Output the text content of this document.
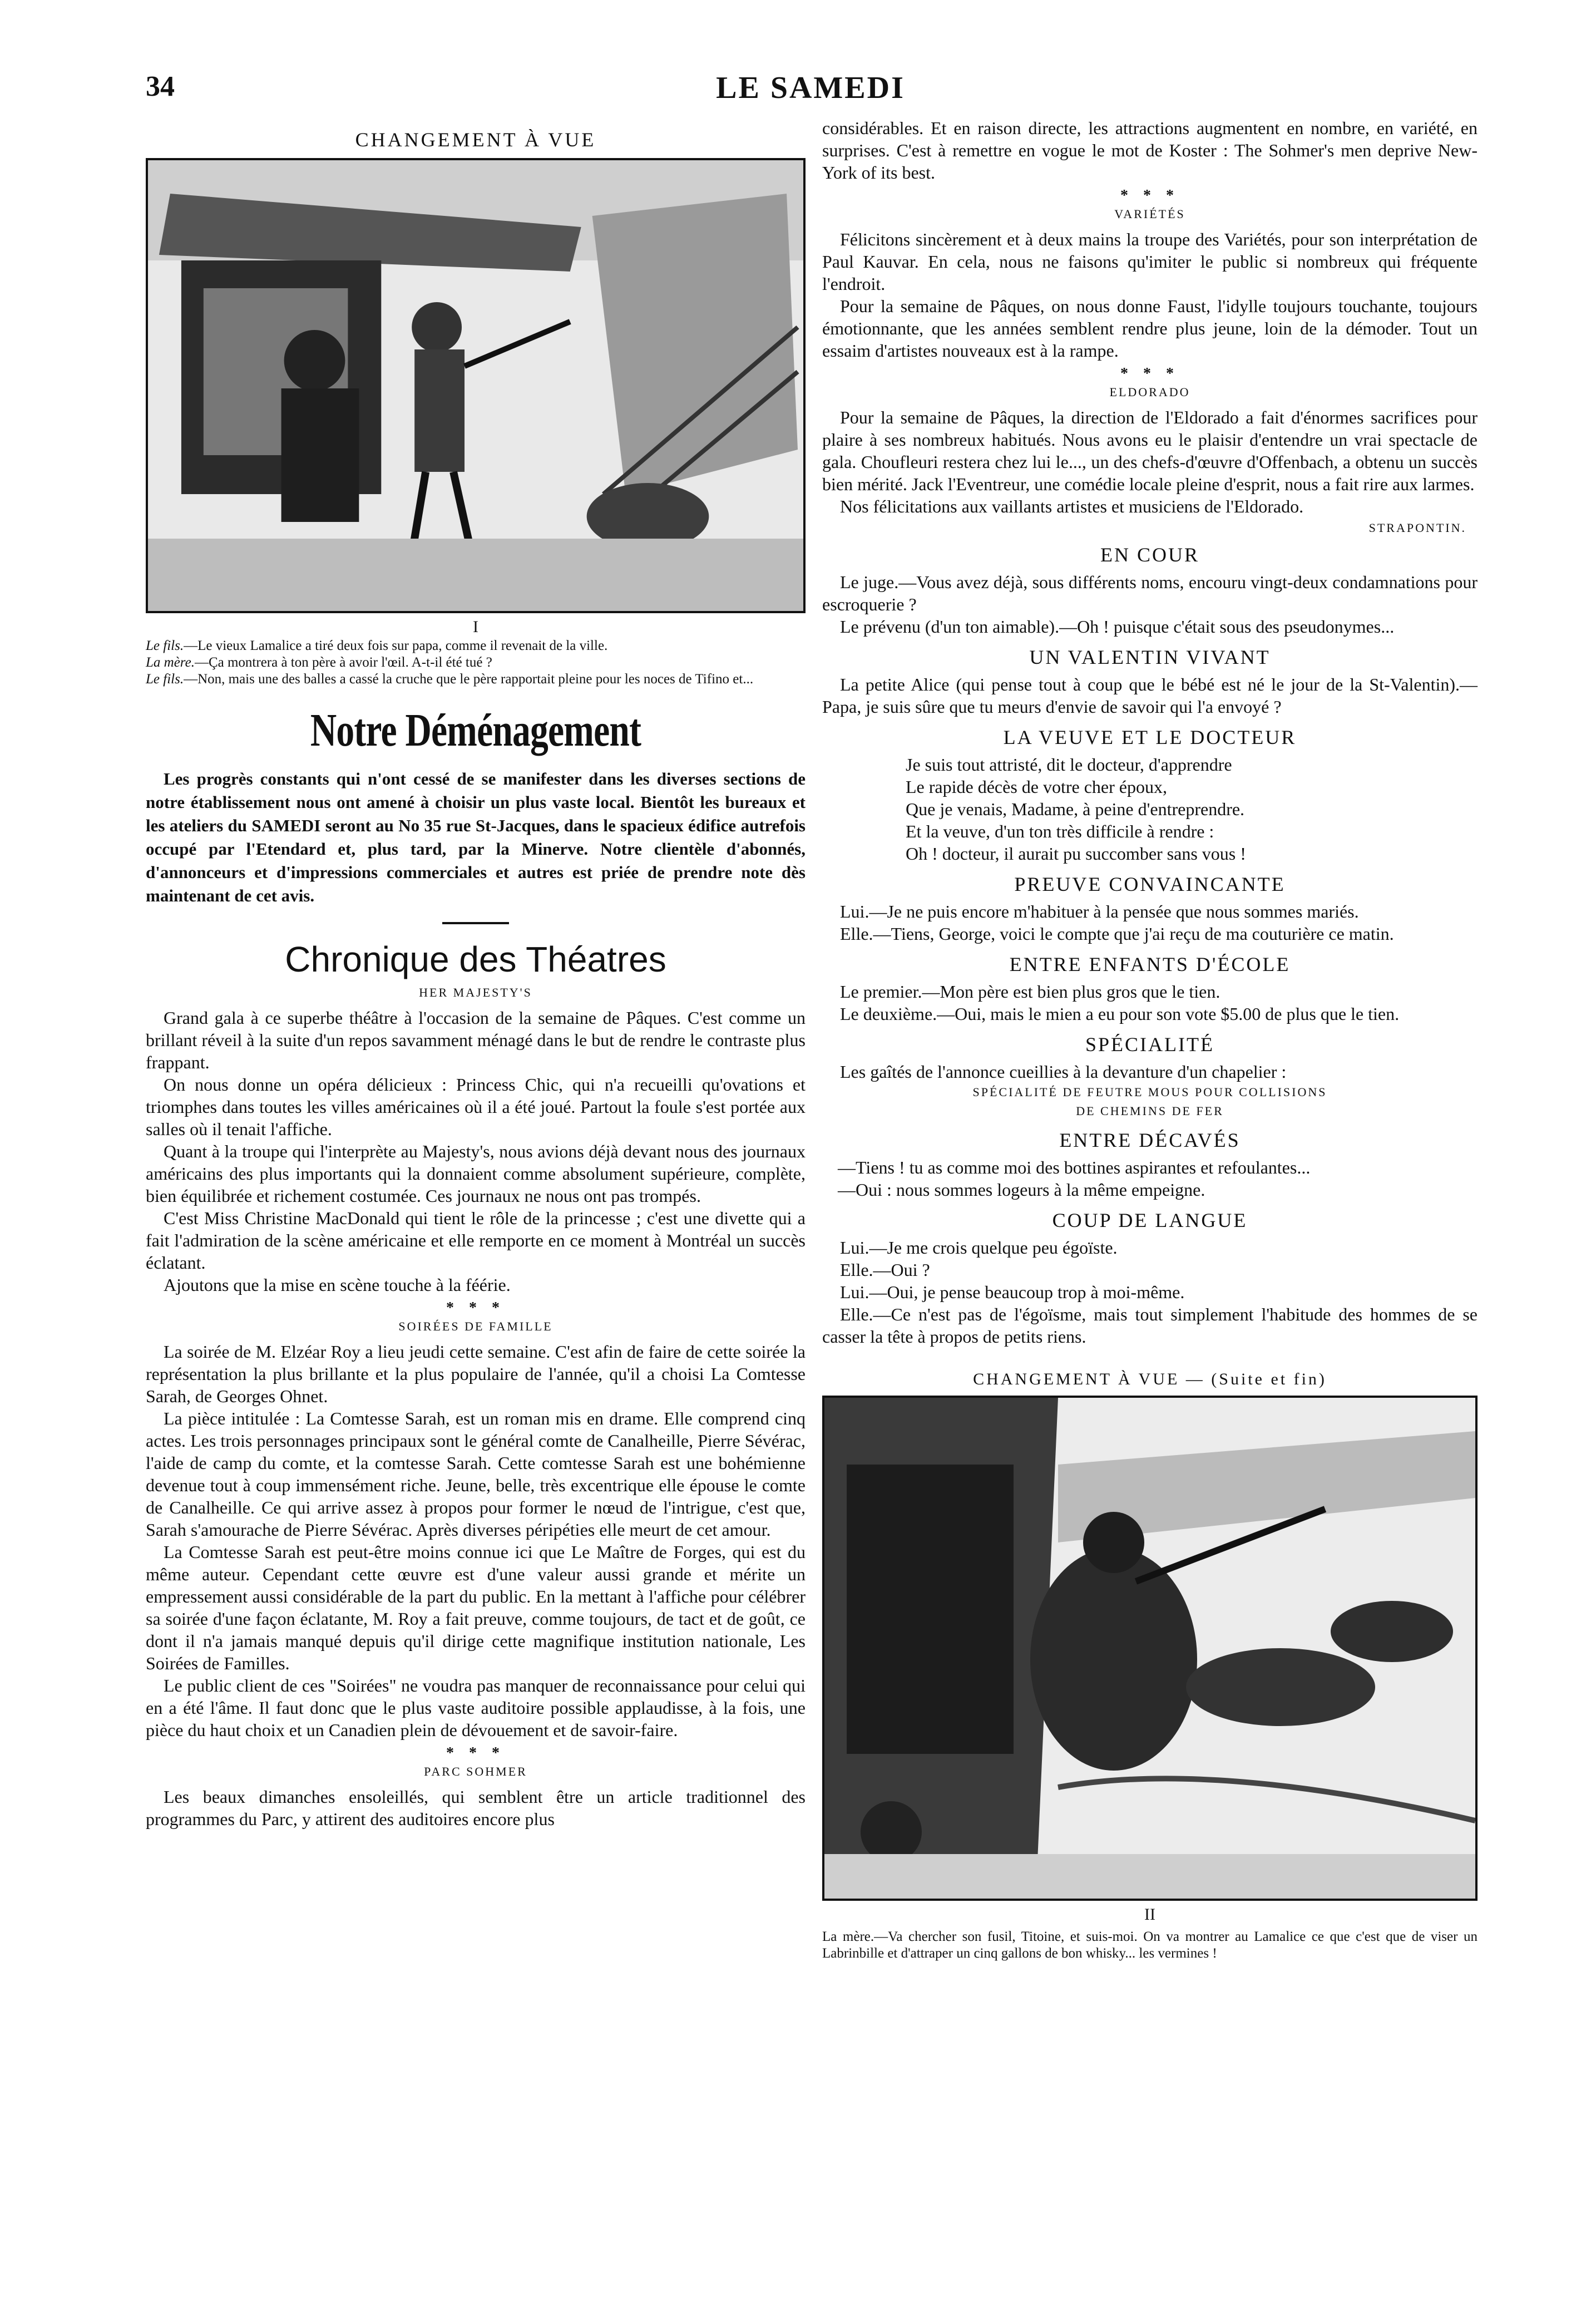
34	LE SAMEDI
CHANGEMENT À VUE
I
Le fils.—Le vieux Lamalice a tiré deux fois sur papa, comme il revenait de la ville.
La mère.—Ça montrera à ton père à avoir l'œil. A-t-il été tué ?
Le fils.—Non, mais une des balles a cassé la cruche que le père rapportait pleine pour les noces de Tifino et...
Notre Déménagement

Les progrès constants qui n'ont cessé de se manifester dans les diverses sections de notre établissement nous ont amené à choisir un plus vaste local. Bientôt les bureaux et les ateliers du SAMEDI seront au No 35 rue St-Jacques, dans le spacieux édifice autrefois occupé par l'Etendard et, plus tard, par la Minerve. Notre clientèle d'abonnés, d'annonceurs et d'impressions commerciales et autres est priée de prendre note dès maintenant de cet avis.

Chronique des Théatres
HER MAJESTY'S

Grand gala à ce superbe théâtre à l'occasion de la semaine de Pâques. C'est comme un brillant réveil à la suite d'un repos savamment ménagé dans le but de rendre le contraste plus frappant.

On nous donne un opéra délicieux : Princess Chic, qui n'a recueilli qu'ovations et triomphes dans toutes les villes américaines où il a été joué. Partout la foule s'est portée aux salles où il tenait l'affiche.

Quant à la troupe qui l'interprète au Majesty's, nous avions déjà devant nous des journaux américains des plus importants qui la donnaient comme absolument supérieure, complète, bien équilibrée et richement costumée. Ces journaux ne nous ont pas trompés.

C'est Miss Christine MacDonald qui tient le rôle de la princesse ; c'est une divette qui a fait l'admiration de la scène américaine et elle remporte en ce moment à Montréal un succès éclatant.

Ajoutons que la mise en scène touche à la féérie.

* * *
SOIRÉES DE FAMILLE

La soirée de M. Elzéar Roy a lieu jeudi cette semaine. C'est afin de faire de cette soirée la représentation la plus brillante et la plus populaire de l'année, qu'il a choisi La Comtesse Sarah, de Georges Ohnet.

La pièce intitulée : La Comtesse Sarah, est un roman mis en drame. Elle comprend cinq actes. Les trois personnages principaux sont le général comte de Canalheille, Pierre Sévérac, l'aide de camp du comte, et la comtesse Sarah. Cette comtesse Sarah est une bohémienne devenue tout à coup immensément riche. Jeune, belle, très excentrique elle épouse le comte de Canalheille. Ce qui arrive assez à propos pour former le nœud de l'intrigue, c'est que, Sarah s'amourache de Pierre Sévérac. Après diverses péripéties elle meurt de cet amour.

La Comtesse Sarah est peut-être moins connue ici que Le Maître de Forges, qui est du même auteur. Cependant cette œuvre est d'une valeur aussi grande et mérite un empressement aussi considérable de la part du public. En la mettant à l'affiche pour célébrer sa soirée d'une façon éclatante, M. Roy a fait preuve, comme toujours, de tact et de goût, ce dont il n'a jamais manqué depuis qu'il dirige cette magnifique institution nationale, Les Soirées de Familles.

Le public client de ces "Soirées" ne voudra pas manquer de reconnaissance pour celui qui en a été l'âme. Il faut donc que le plus vaste auditoire possible applaudisse, à la fois, une pièce du haut choix et un Canadien plein de dévouement et de savoir-faire.

* * *
PARC SOHMER

Les beaux dimanches ensoleillés, qui semblent être un article traditionnel des programmes du Parc, y attirent des auditoires encore plus

considérables. Et en raison directe, les attractions augmentent en nombre, en variété, en surprises. C'est à remettre en vogue le mot de Koster : The Sohmer's men deprive New-York of its best.

* * *
VARIÉTÉS

Félicitons sincèrement et à deux mains la troupe des Variétés, pour son interprétation de Paul Kauvar. En cela, nous ne faisons qu'imiter le public si nombreux qui fréquente l'endroit.

Pour la semaine de Pâques, on nous donne Faust, l'idylle toujours touchante, toujours émotionnante, que les années semblent rendre plus jeune, loin de la démoder. Tout un essaim d'artistes nouveaux est à la rampe.

* * *
ELDORADO

Pour la semaine de Pâques, la direction de l'Eldorado a fait d'énormes sacrifices pour plaire à ses nombreux habitués. Nous avons eu le plaisir d'entendre un vrai spectacle de gala. Choufleuri restera chez lui le..., un des chefs-d'œuvre d'Offenbach, a obtenu un succès bien mérité. Jack l'Eventreur, une comédie locale pleine d'esprit, nous a fait rire aux larmes.

Nos félicitations aux vaillants artistes et musiciens de l'Eldorado.

STRAPONTIN.
EN COUR

Le juge.—Vous avez déjà, sous différents noms, encouru vingt-deux condamnations pour escroquerie ?

Le prévenu (d'un ton aimable).—Oh ! puisque c'était sous des pseudonymes...

UN VALENTIN VIVANT

La petite Alice (qui pense tout à coup que le bébé est né le jour de la St-Valentin).—Papa, je suis sûre que tu meurs d'envie de savoir qui l'a envoyé ?

LA VEUVE ET LE DOCTEUR
Je suis tout attristé, dit le docteur, d'apprendre
Le rapide décès de votre cher époux,
Que je venais, Madame, à peine d'entreprendre.
Et la veuve, d'un ton très difficile à rendre :
Oh ! docteur, il aurait pu succomber sans vous !
PREUVE CONVAINCANTE

Lui.—Je ne puis encore m'habituer à la pensée que nous sommes mariés.

Elle.—Tiens, George, voici le compte que j'ai reçu de ma couturière ce matin.

ENTRE ENFANTS D'ÉCOLE

Le premier.—Mon père est bien plus gros que le tien.

Le deuxième.—Oui, mais le mien a eu pour son vote $5.00 de plus que le tien.

SPÉCIALITÉ

Les gaîtés de l'annonce cueillies à la devanture d'un chapelier :

SPÉCIALITÉ DE FEUTRE MOUS POUR COLLISIONS
DE CHEMINS DE FER
ENTRE DÉCAVÉS
—Tiens ! tu as comme moi des bottines aspirantes et refoulantes...
—Oui : nous sommes logeurs à la même empeigne.
COUP DE LANGUE

Lui.—Je me crois quelque peu égoïste.

Elle.—Oui ?

Lui.—Oui, je pense beaucoup trop à moi-même.

Elle.—Ce n'est pas de l'égoïsme, mais tout simplement l'habitude des hommes de se casser la tête à propos de petits riens.

CHANGEMENT À VUE — (Suite et fin)
II
La mère.—Va chercher son fusil, Titoine, et suis-moi. On va montrer au Lamalice ce que c'est que de viser un Labrinbille et d'attraper un cinq gallons de bon whisky... les vermines !
